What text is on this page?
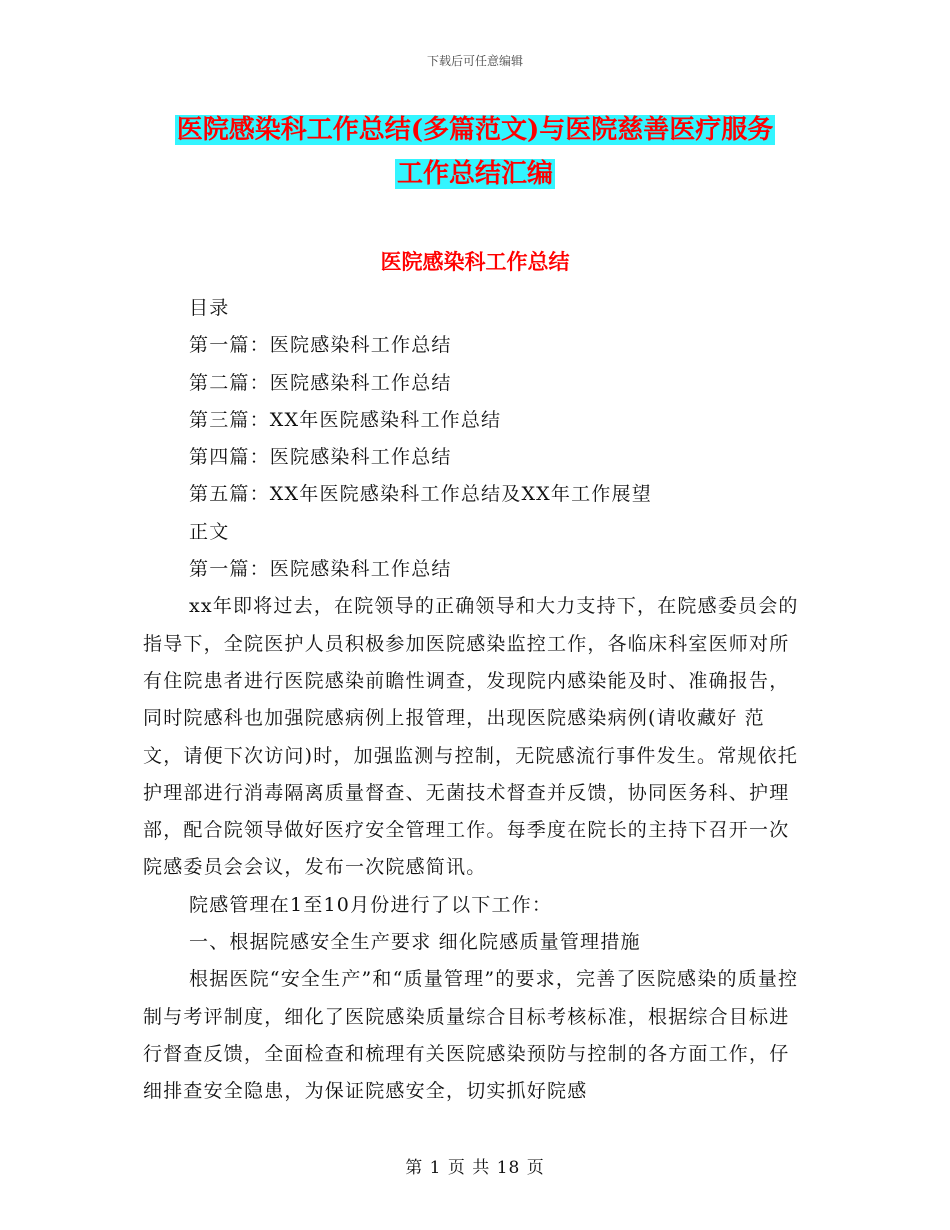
下载后可任意编辑
医院感染科工作总结(多篇范文)与医院慈善医疗服务
工作总结汇编
医院感染科工作总结

目录

第一篇：医院感染科工作总结

第二篇：医院感染科工作总结

第三篇：XX年医院感染科工作总结

第四篇：医院感染科工作总结

第五篇：XX年医院感染科工作总结及XX年工作展望

正文

第一篇：医院感染科工作总结

xx年即将过去，在院领导的正确领导和大力支持下，在院感委员会的指导下，全院医护人员积极参加医院感染监控工作，各临床科室医师对所有住院患者进行医院感染前瞻性调查，发现院内感染能及时、准确报告，同时院感科也加强院感病例上报管理，出现医院感染病例(请收藏好 范 文，请便下次访问)时，加强监测与控制，无院感流行事件发生。常规依托护理部进行消毒隔离质量督查、无菌技术督查并反馈，协同医务科、护理部，配合院领导做好医疗安全管理工作。每季度在院长的主持下召开一次院感委员会会议，发布一次院感简讯。

院感管理在1至10月份进行了以下工作：

一、根据院感安全生产要求 细化院感质量管理措施

根据医院“安全生产”和“质量管理”的要求，完善了医院感染的质量控制与考评制度，细化了医院感染质量综合目标考核标准，根据综合目标进行督查反馈，全面检查和梳理有关医院感染预防与控制的各方面工作，仔细排查安全隐患，为保证院感安全，切实抓好院感

第 1 页 共 18 页
